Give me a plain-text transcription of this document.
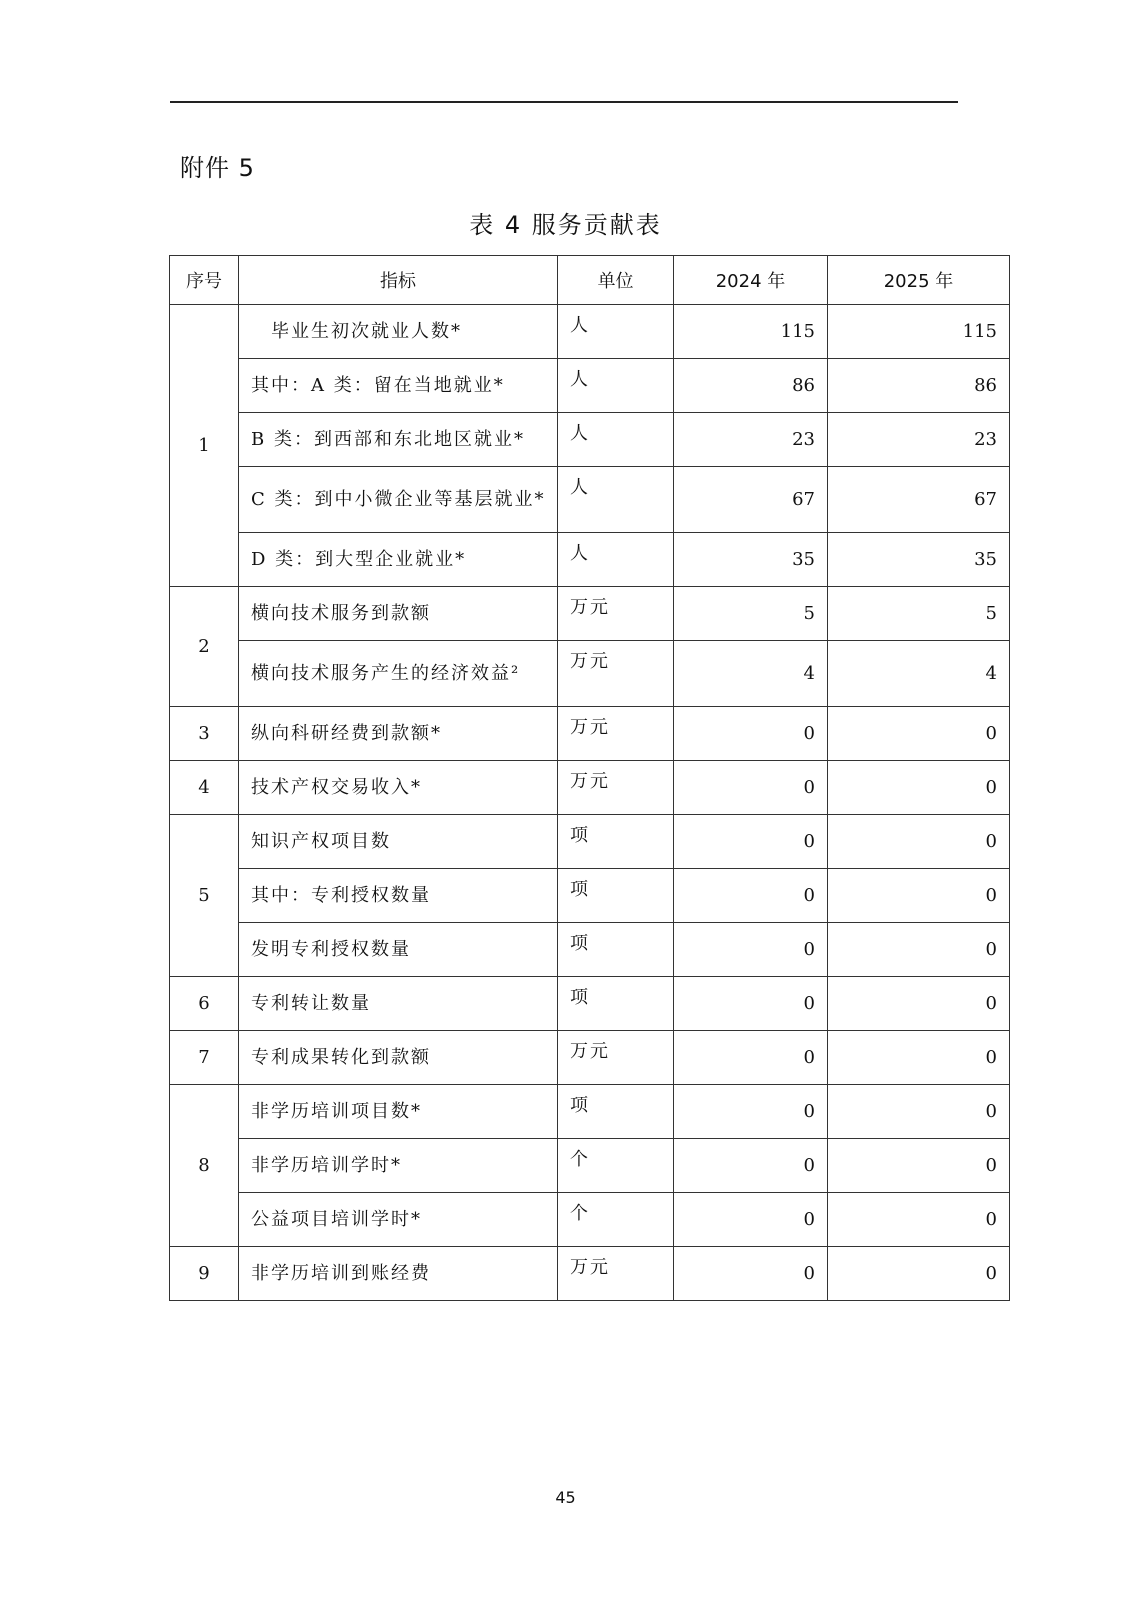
附件 5
表 4 服务贡献表
序号	指标	单位	2024 年	2025 年
1	毕业生初次就业人数*	人	115	115
	其中：A 类：留在当地就业*	人	86	86
	B 类：到西部和东北地区就业*	人	23	23
	C 类：到中小微企业等基层就业*	人	67	67
	D 类：到大型企业就业*	人	35	35
2	横向技术服务到款额	万元	5	5
	横向技术服务产生的经济效益²	万元	4	4
3	纵向科研经费到款额*	万元	0	0
4	技术产权交易收入*	万元	0	0
5	知识产权项目数	项	0	0
	其中：专利授权数量	项	0	0
	发明专利授权数量	项	0	0
6	专利转让数量	项	0	0
7	专利成果转化到款额	万元	0	0
8	非学历培训项目数*	项	0	0
	非学历培训学时*	个	0	0
	公益项目培训学时*	个	0	0
9	非学历培训到账经费	万元	0	0
45
